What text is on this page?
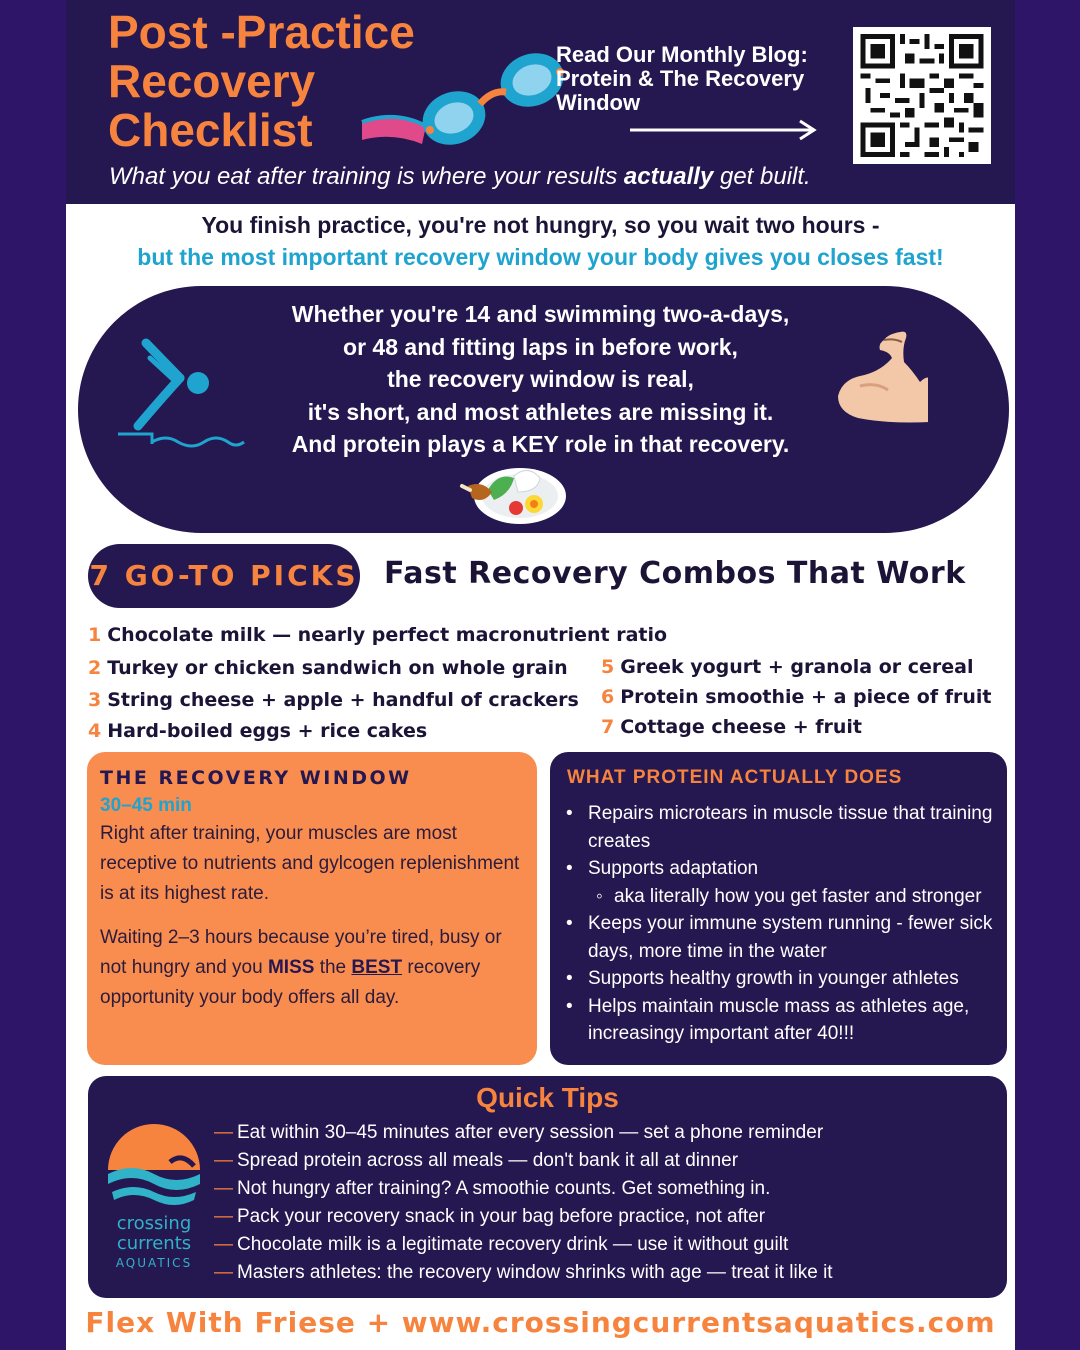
Post -Practice
Recovery
Checklist
Read Our Monthly Blog:
Protein & The Recovery
Window
What you eat after training is where your results actually get built.
You finish practice, you're not hungry, so you wait two hours -
but the most important recovery window your body gives you closes fast!
Whether you're 14 and swimming two-a-days,
or 48 and fitting laps in before work,
the recovery window is real,
it's short, and most athletes are missing it.
And protein plays a KEY role in that recovery.
7 GO-TO PICKS Fast Recovery Combos That Work
1 Chocolate milk — nearly perfect macronutrient ratio
2 Turkey or chicken sandwich on whole grain
3 String cheese + apple + handful of crackers
4 Hard-boiled eggs + rice cakes
5 Greek yogurt + granola or cereal
6 Protein smoothie + a piece of fruit
7 Cottage cheese + fruit
THE RECOVERY WINDOW
30–45 min
Right after training, your muscles are most receptive to nutrients and gylcogen replenishment is at its highest rate.
Waiting 2–3 hours because you’re tired, busy or not hungry and you MISS the BEST recovery opportunity your body offers all day.
WHAT PROTEIN ACTUALLY DOES
• Repairs microtears in muscle tissue that training creates
• Supports adaptation
◦ aka literally how you get faster and stronger
• Keeps your immune system running - fewer sick days, more time in the water
• Supports healthy growth in younger athletes
• Helps maintain muscle mass as athletes age, increasingy important after 40!!!
Quick Tips
crossing
currents
AQUATICS
— Eat within 30–45 minutes after every session — set a phone reminder
— Spread protein across all meals — don't bank it all at dinner
— Not hungry after training? A smoothie counts. Get something in.
— Pack your recovery snack in your bag before practice, not after
— Chocolate milk is a legitimate recovery drink — use it without guilt
— Masters athletes: the recovery window shrinks with age — treat it like it
Flex With Friese + www.crossingcurrentsaquatics.com
